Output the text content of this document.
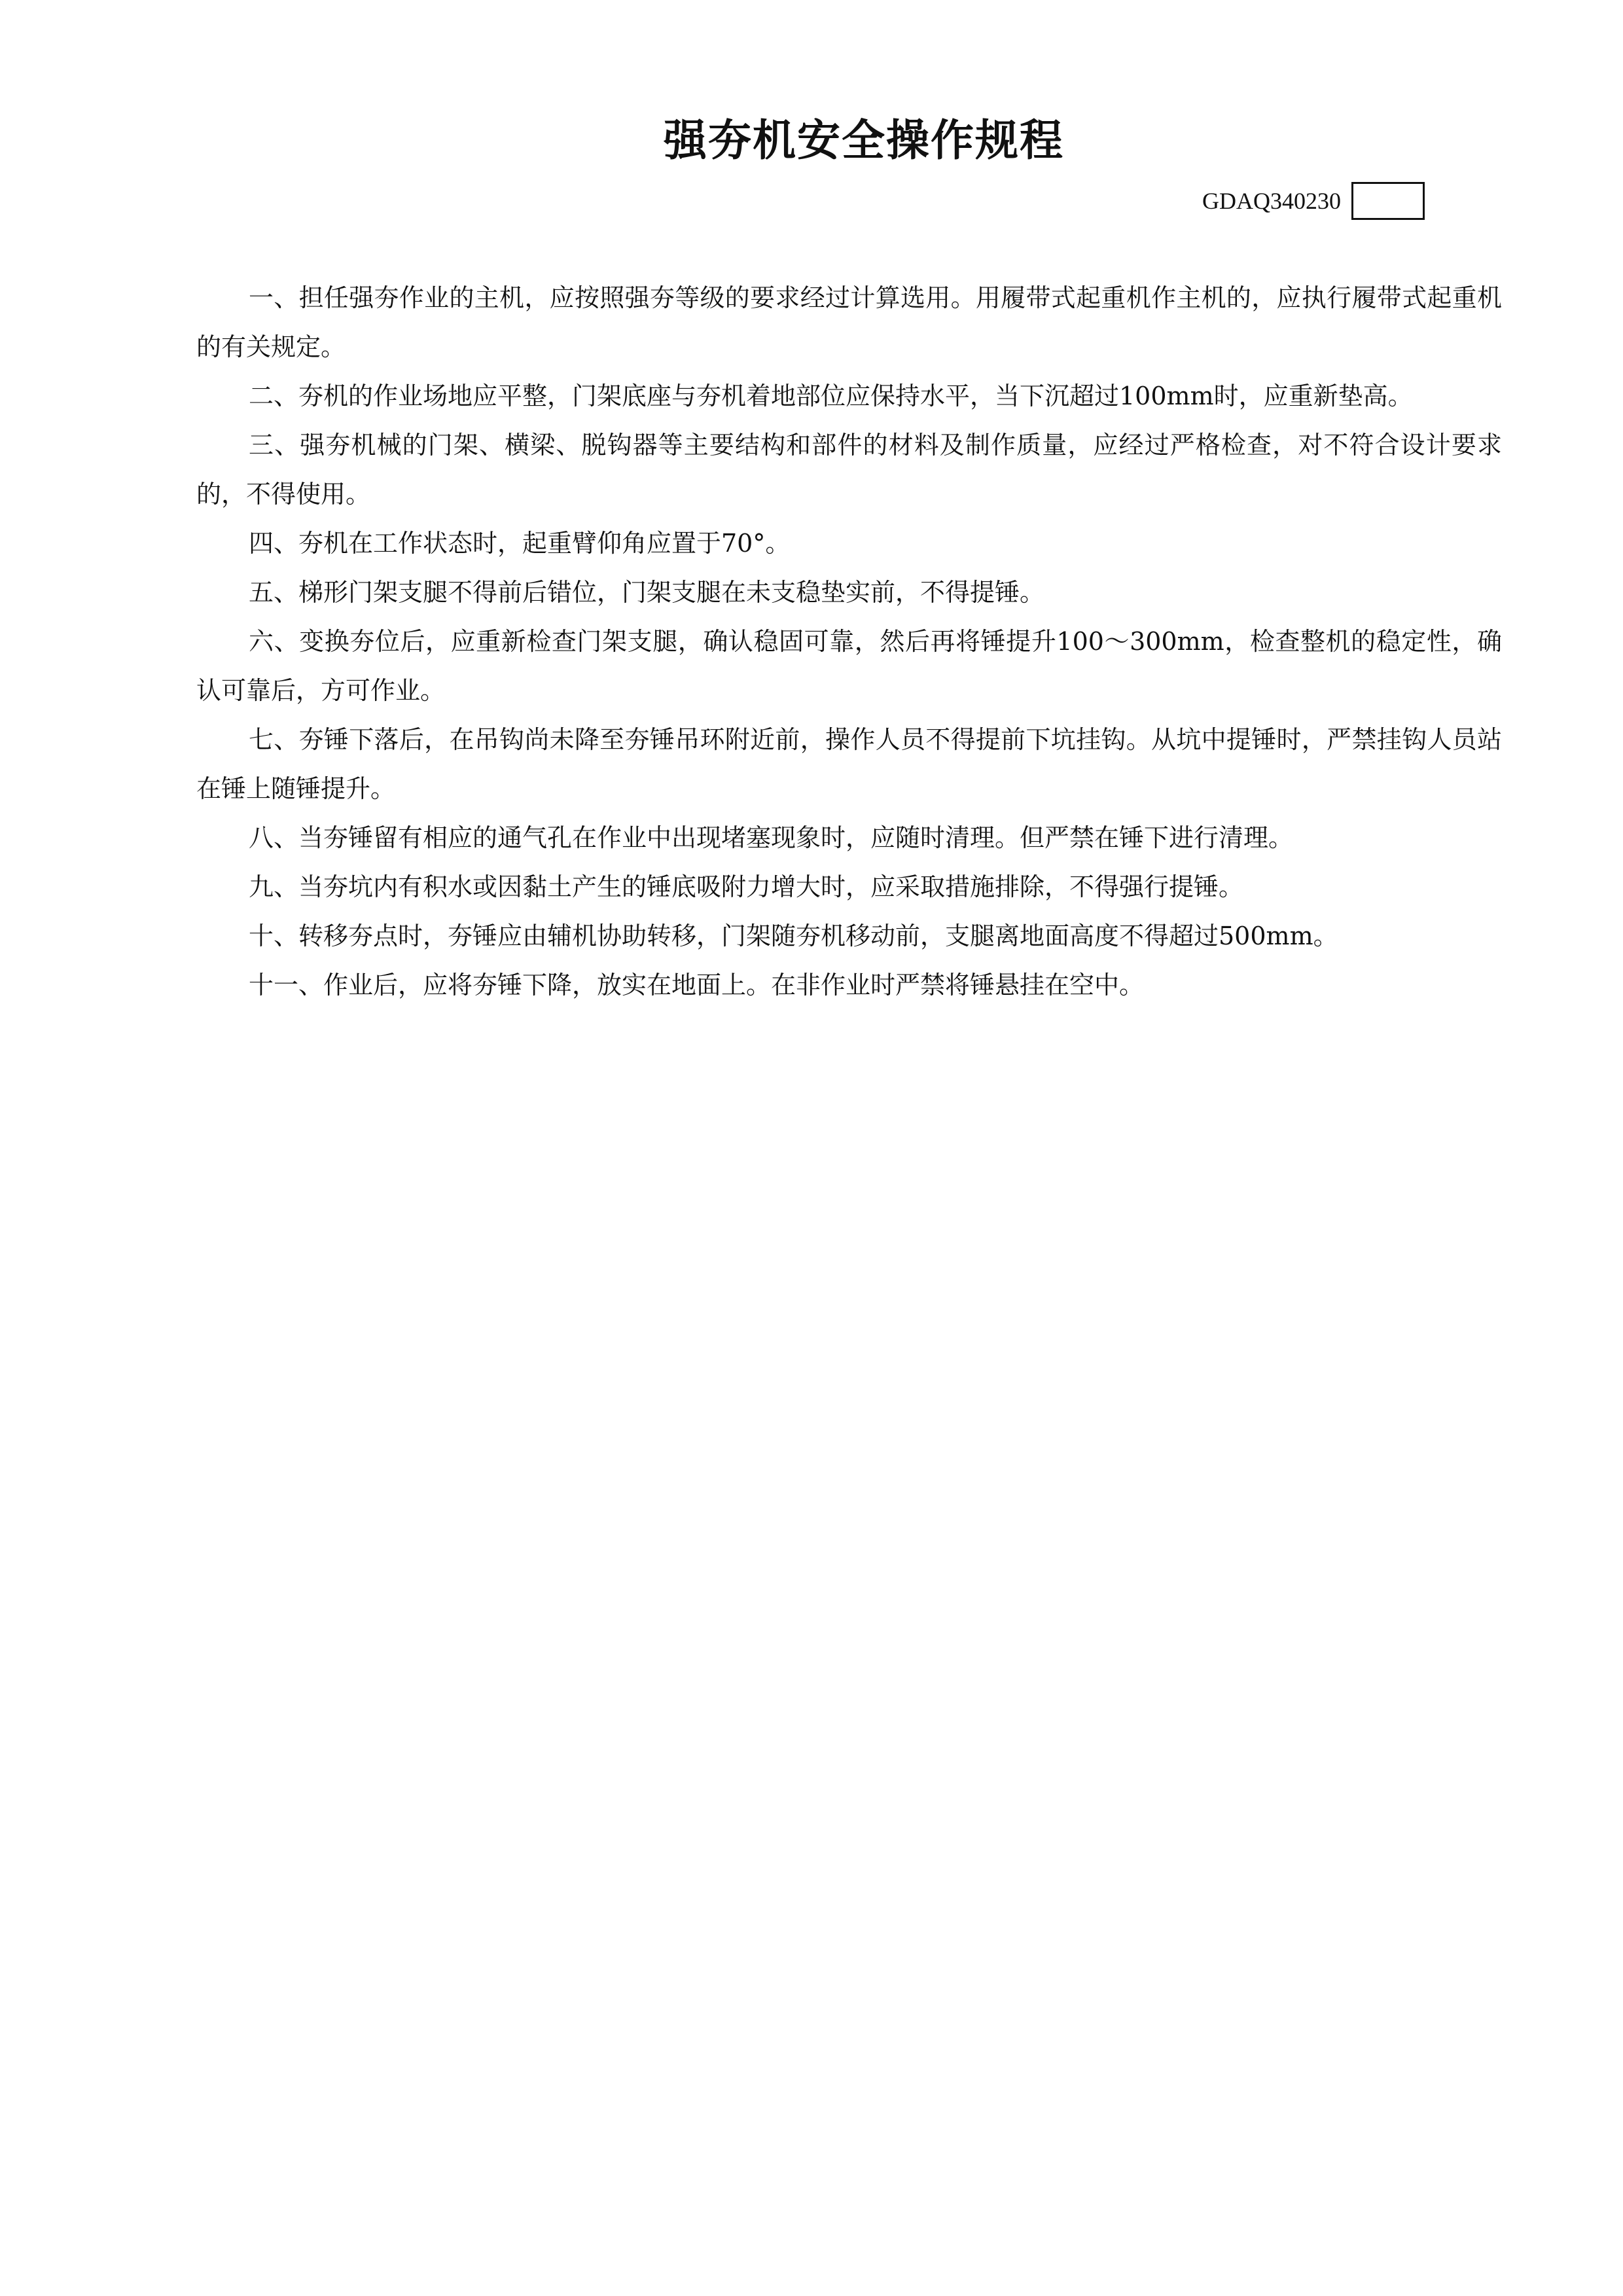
强夯机安全操作规程
GDAQ340230

一、担任强夯作业的主机，应按照强夯等级的要求经过计算选用。用履带式起重机作主机的，应执行履带式起重机的有关规定。

二、夯机的作业场地应平整，门架底座与夯机着地部位应保持水平，当下沉超过100mm时，应重新垫高。

三、强夯机械的门架、横梁、脱钩器等主要结构和部件的材料及制作质量，应经过严格检查，对不符合设计要求的，不得使用。

四、夯机在工作状态时，起重臂仰角应置于70°。

五、梯形门架支腿不得前后错位，门架支腿在未支稳垫实前，不得提锤。

六、变换夯位后，应重新检查门架支腿，确认稳固可靠，然后再将锤提升100～300mm，检查整机的稳定性，确认可靠后，方可作业。

七、夯锤下落后，在吊钩尚未降至夯锤吊环附近前，操作人员不得提前下坑挂钩。从坑中提锤时，严禁挂钩人员站在锤上随锤提升。

八、当夯锤留有相应的通气孔在作业中出现堵塞现象时，应随时清理。但严禁在锤下进行清理。

九、当夯坑内有积水或因黏土产生的锤底吸附力增大时，应采取措施排除，不得强行提锤。

十、转移夯点时，夯锤应由辅机协助转移，门架随夯机移动前，支腿离地面高度不得超过500mm。

十一、作业后，应将夯锤下降，放实在地面上。在非作业时严禁将锤悬挂在空中。
